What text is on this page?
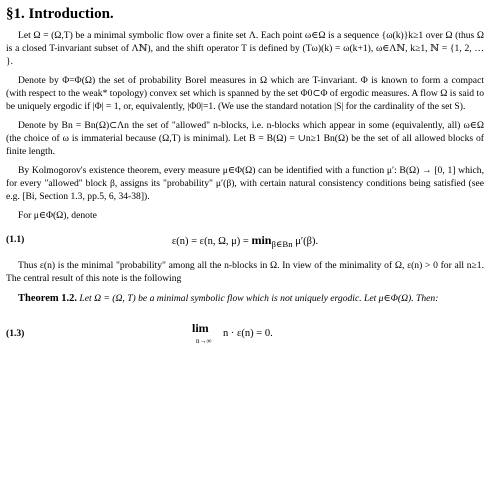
§1. Introduction.

Let Ω = (Ω,T) be a minimal symbolic flow over a finite set Λ. Each point ω∈Ω is a sequence {ω(k)}k≥1 over Ω (thus Ω is a closed T-invariant subset of Λℕ), and the shift operator T is defined by (Tω)(k) = ω(k+1), ω∈Λℕ, k≥1, ℕ = {1, 2, … }.

Denote by Φ=Φ(Ω) the set of probability Borel measures in Ω which are T-invariant. Φ is known to form a compact (with respect to the weak* topology) convex set which is spanned by the set Φ0⊂Φ of ergodic measures. A flow Ω is said to be uniquely ergodic if |Φ| = 1, or, equivalently, |Φ0|=1. (We use the standard notation |S| for the cardinality of the set S).

Denote by Bn = Bn(Ω)⊂Λn the set of "allowed" n-blocks, i.e. n-blocks which appear in some (equivalently, all) ω∈Ω (the choice of ω is immaterial because (Ω,T) is minimal). Let B = B(Ω) = ∪n≥1 Bn(Ω) be the set of all allowed blocks of finite length.

By Kolmogorov's existence theorem, every measure μ∈Φ(Ω) can be identified with a function μ′: B(Ω) → [0, 1] which, for every "allowed" block β, assigns its "probability" μ′(β), with certain natural consistency conditions being satisfied (see e.g. [Bi, Section 1.3, pp.5, 6, 34-38]).

For μ∈Φ(Ω), denote

(1.1)	ε(n) = ε(n, Ω, $\mu) = \min_{\beta\in Bn} \mu'(\beta)$.

Thus ε(n) is the minimal "probability" among all the n-blocks in Ω. In view of the minimality of Ω, ε(n) > 0 for all n≥1. The central result of this note is the following

Theorem 1.2. Let Ω = (Ω, T) be a minimal symbolic flow which is not uniquely ergodic. Let μ∈Φ(Ω). Then:

(1.3)	lim
n→∞
n · ε(n) = 0.
